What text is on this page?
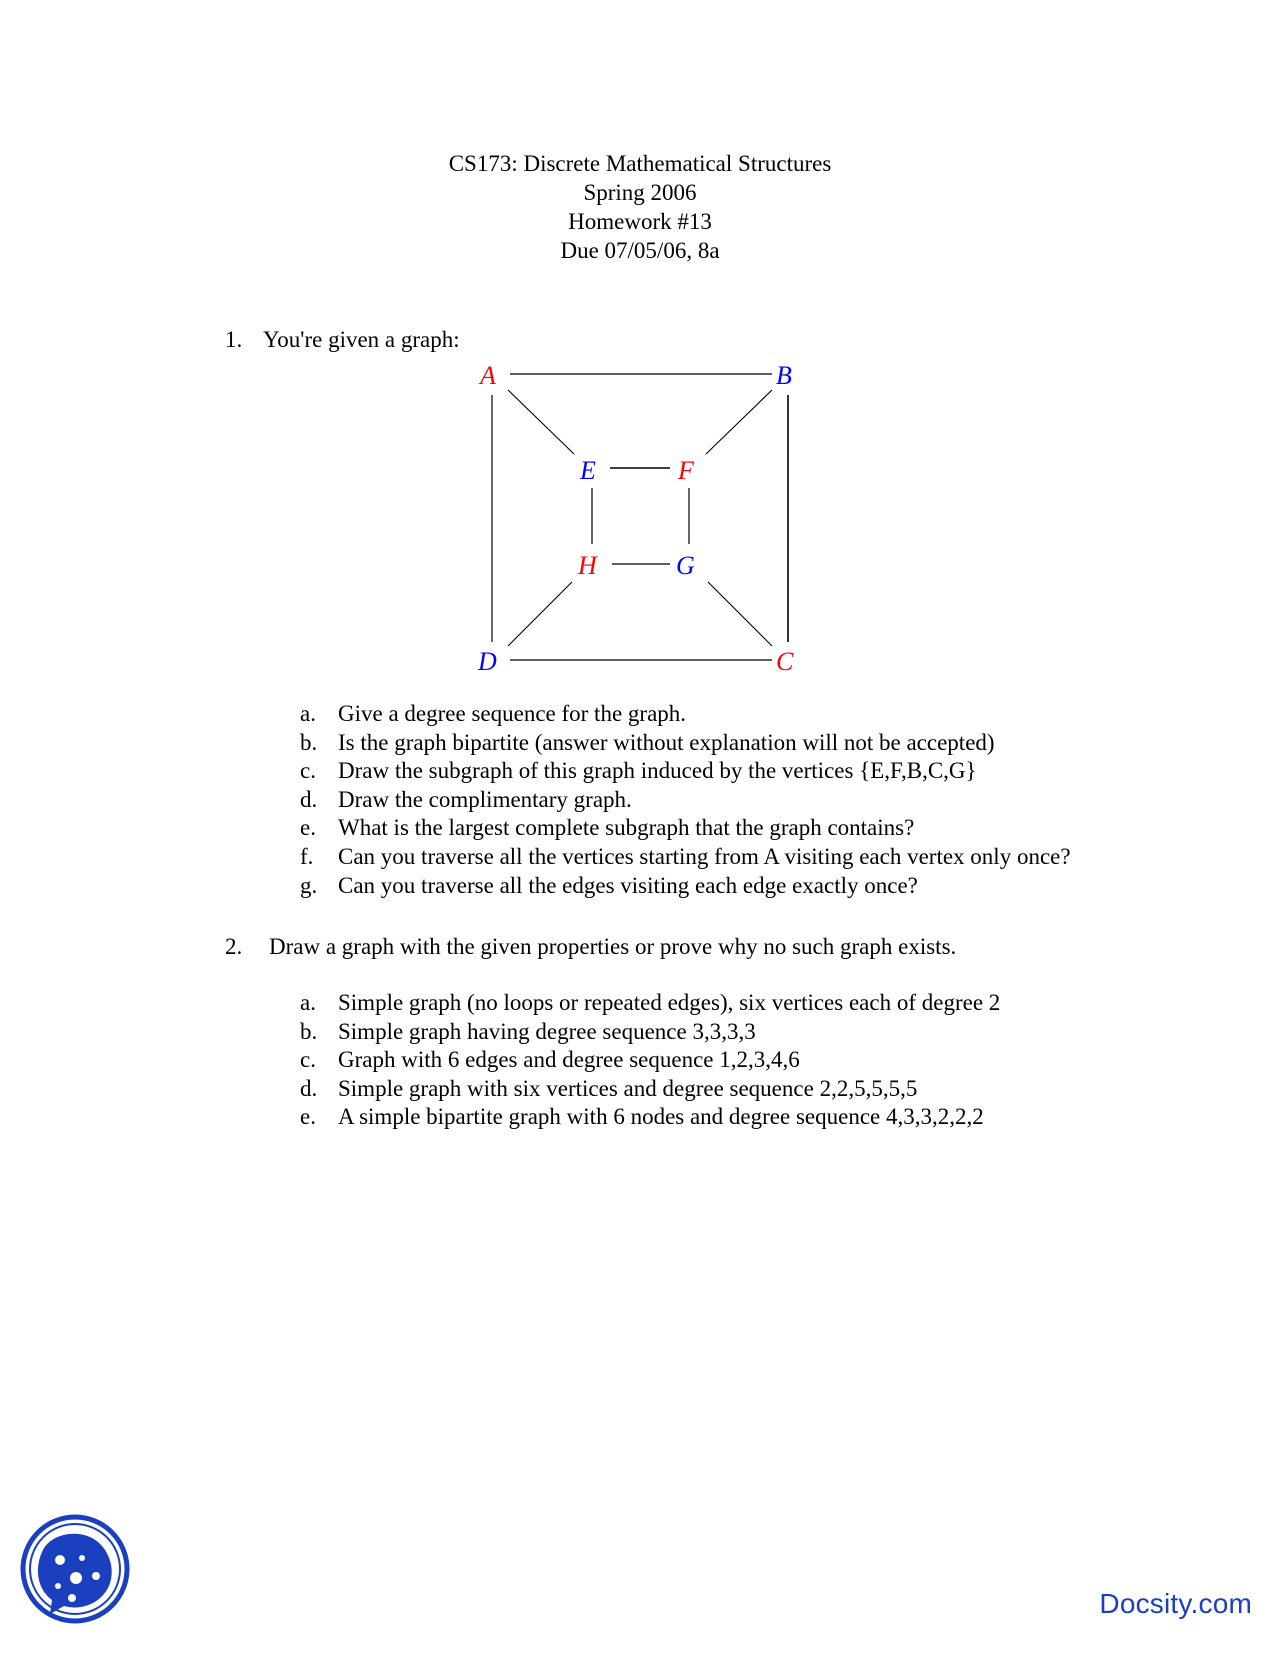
CS173: Discrete Mathematical Structures
Spring 2006
Homework #13
Due 07/05/06, 8a
1. You're given a graph:
A	B
C
D
E	F
G
H
a. Give a degree sequence for the graph.
b. Is the graph bipartite (answer without explanation will not be accepted)
c. Draw the subgraph of this graph induced by the vertices {E,F,B,C,G}
d. Draw the complimentary graph.
e. What is the largest complete subgraph that the graph contains?
f. Can you traverse all the vertices starting from A visiting each vertex only once?
g. Can you traverse all the edges visiting each edge exactly once?
2. Draw a graph with the given properties or prove why no such graph exists.
a. Simple graph (no loops or repeated edges), six vertices each of degree 2
b. Simple graph having degree sequence 3,3,3,3
c. Graph with 6 edges and degree sequence 1,2,3,4,6
d. Simple graph with six vertices and degree sequence 2,2,5,5,5,5
e. A simple bipartite graph with 6 nodes and degree sequence 4,3,3,2,2,2
Docsity.com
